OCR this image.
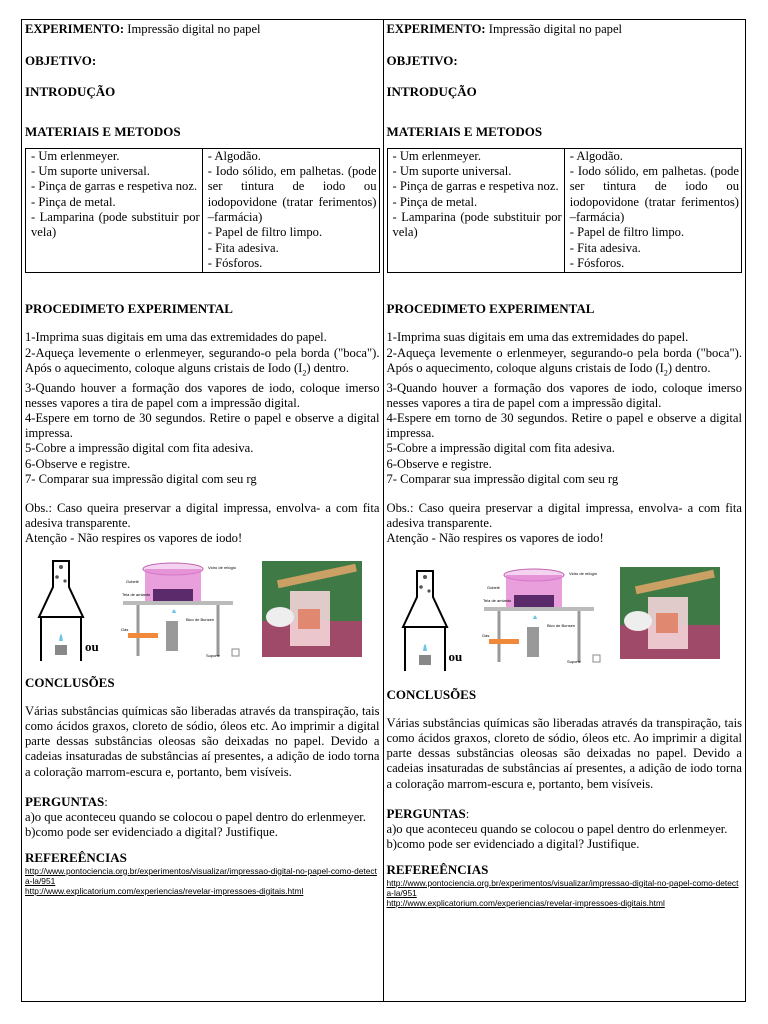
EXPERIMENTO: Impressão digital no papel
OBJETIVO:
INTRODUÇÃO
MATERIAIS E METODOS
- Um erlenmeyer.
- Um suporte universal.
- Pinça de garras e respetiva noz.
- Pinça de metal.
- Lamparina (pode substituir por vela)

- Algodão.
- Iodo sólido, em palhetas. (pode ser tintura de iodo ou iodopovidone (tratar ferimentos) –farmácia)
- Papel de filtro limpo.
- Fita adesiva.
- Fósforos.
PROCEDIMETO EXPERIMENTAL

1-Imprima suas digitais em uma das extremidades do papel.

2-Aqueça levemente o erlenmeyer, segurando-o pela borda ("boca"). Após o aquecimento, coloque alguns cristais de Iodo $(I_2)$ dentro.

3-Quando houver a formação dos vapores de iodo, coloque imerso nesses vapores a tira de papel com a impressão digital.

4-Espere em torno de 30 segundos. Retire o papel e observe a digital impressa.

5-Cobre a impressão digital com fita adesiva.

6-Observe e registre.

7- Comparar sua impressão digital com seu rg

Obs.: Caso queira preservar a digital impressa, envolva- a com fita adesiva transparente.
Atenção - Não respires os vapores de iodo!
ou
Gobelé
Vidro de relógio
Tela de amianto
Bico de Bunsen
Gás
Suporte
CONCLUSÕES
Várias substâncias químicas são liberadas através da transpiração, tais como ácidos graxos, cloreto de sódio, óleos etc. Ao imprimir a digital parte dessas substâncias oleosas são deixadas no papel. Devido a cadeias insaturadas de substâncias aí presentes, a adição de iodo torna a coloração marrom-escura e, portanto, bem visíveis.
PERGUNTAS:
a)o que aconteceu quando se colocou o papel dentro do erlenmeyer.
b)como pode ser evidenciado a digital? Justifique.
REFEREÊNCIAS
http://www.pontociencia.org.br/experimentos/visualizar/impressao-digital-no-papel-como-detecta-la/951
http://www.explicatorium.com/experiencias/revelar-impressoes-digitais.html
EXPERIMENTO: Impressão digital no papel
OBJETIVO:
INTRODUÇÃO
MATERIAIS E METODOS
- Um erlenmeyer.
- Um suporte universal.
- Pinça de garras e respetiva noz.
- Pinça de metal.
- Lamparina (pode substituir por vela)

- Algodão.
- Iodo sólido, em palhetas. (pode ser tintura de iodo ou iodopovidone (tratar ferimentos) –farmácia)
- Papel de filtro limpo.
- Fita adesiva.
- Fósforos.
PROCEDIMETO EXPERIMENTAL

1-Imprima suas digitais em uma das extremidades do papel.

2-Aqueça levemente o erlenmeyer, segurando-o pela borda ("boca"). Após o aquecimento, coloque alguns cristais de Iodo $(I_2)$ dentro.

3-Quando houver a formação dos vapores de iodo, coloque imerso nesses vapores a tira de papel com a impressão digital.

4-Espere em torno de 30 segundos. Retire o papel e observe a digital impressa.

5-Cobre a impressão digital com fita adesiva.

6-Observe e registre.

7- Comparar sua impressão digital com seu rg

Obs.: Caso queira preservar a digital impressa, envolva- a com fita adesiva transparente.
Atenção - Não respires os vapores de iodo!
ou
Gobelé
Vidro de relógio
Tela de amianto
Bico de Bunsen
Gás
Suporte
CONCLUSÕES
Várias substâncias químicas são liberadas através da transpiração, tais como ácidos graxos, cloreto de sódio, óleos etc. Ao imprimir a digital parte dessas substâncias oleosas são deixadas no papel. Devido a cadeias insaturadas de substâncias aí presentes, a adição de iodo torna a coloração marrom-escura e, portanto, bem visíveis.
PERGUNTAS:
a)o que aconteceu quando se colocou o papel dentro do erlenmeyer.
b)como pode ser evidenciado a digital? Justifique.
REFEREÊNCIAS
http://www.pontociencia.org.br/experimentos/visualizar/impressao-digital-no-papel-como-detecta-la/951
http://www.explicatorium.com/experiencias/revelar-impressoes-digitais.html
